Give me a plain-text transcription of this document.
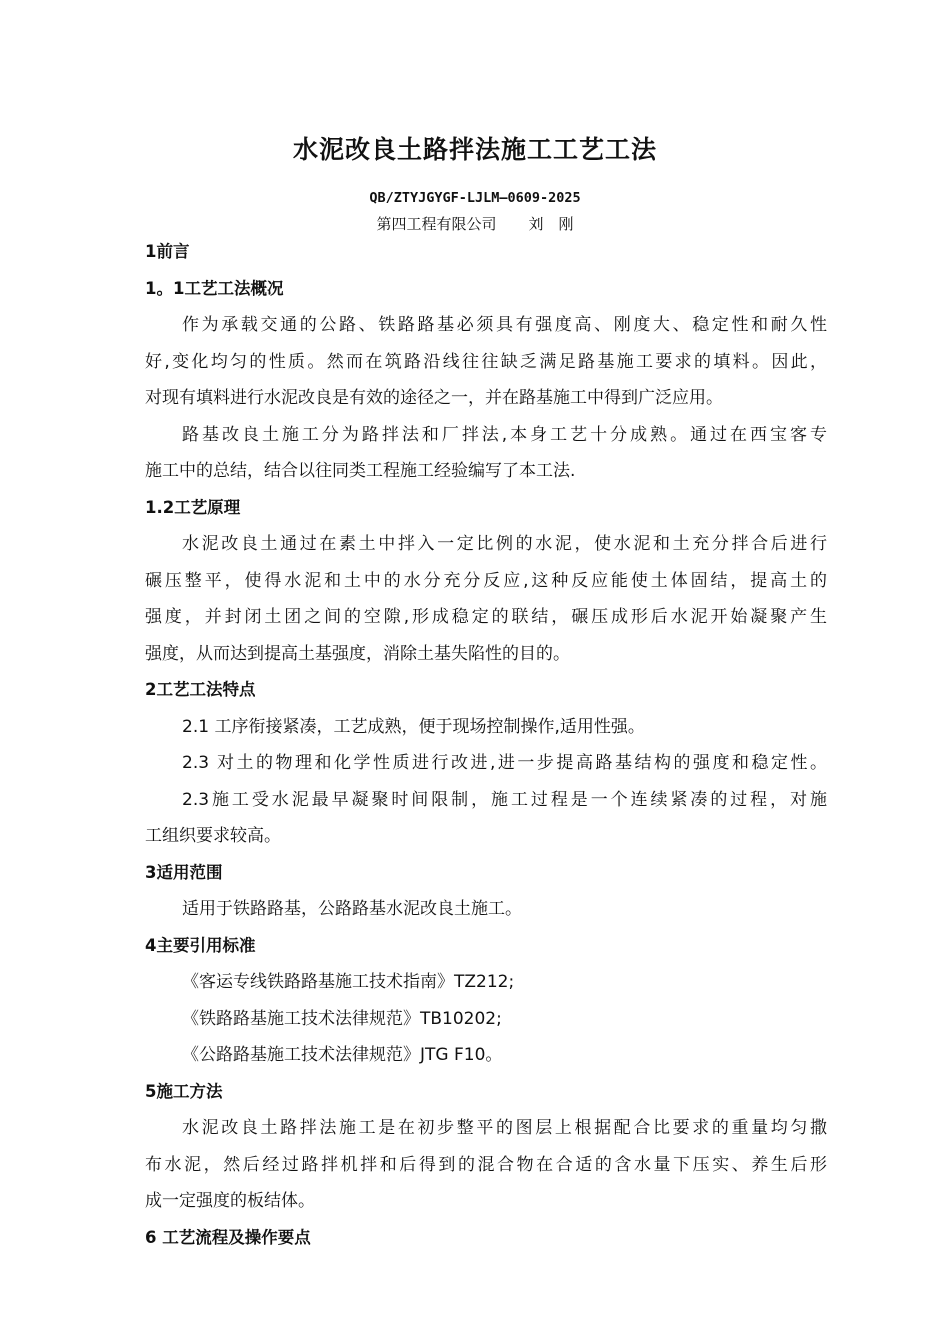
水泥改良土路拌法施工工艺工法
QB/ZTYJGYGF-LJLM—0609-2025
第四工程有限公司 刘　刚
1前言
1。1工艺工法概况
作为承载交通的公路、铁路路基必须具有强度高、刚度大、稳定性和耐久性
好,变化均匀的性质。然而在筑路沿线往往缺乏满足路基施工要求的填料。因此，
对现有填料进行水泥改良是有效的途径之一，并在路基施工中得到广泛应用。
路基改良土施工分为路拌法和厂拌法,本身工艺十分成熟。通过在西宝客专
施工中的总结，结合以往同类工程施工经验编写了本工法.
1.2工艺原理
水泥改良土通过在素土中拌入一定比例的水泥，使水泥和土充分拌合后进行
碾压整平，使得水泥和土中的水分充分反应,这种反应能使土体固结，提高土的
强度，并封闭土团之间的空隙,形成稳定的联结，碾压成形后水泥开始凝聚产生
强度，从而达到提高土基强度，消除土基失陷性的目的。
2工艺工法特点
2.1 工序衔接紧凑，工艺成熟，便于现场控制操作,适用性强。
2.3 对土的物理和化学性质进行改进,进一步提高路基结构的强度和稳定性。
2.3施工受水泥最早凝聚时间限制，施工过程是一个连续紧凑的过程，对施
工组织要求较高。
3适用范围
适用于铁路路基，公路路基水泥改良土施工。
4主要引用标准
《客运专线铁路路基施工技术指南》TZ212;
《铁路路基施工技术法律规范》TB10202;
《公路路基施工技术法律规范》JTG F10。
5施工方法
水泥改良土路拌法施工是在初步整平的图层上根据配合比要求的重量均匀撒
布水泥，然后经过路拌机拌和后得到的混合物在合适的含水量下压实、养生后形
成一定强度的板结体。
6 工艺流程及操作要点
